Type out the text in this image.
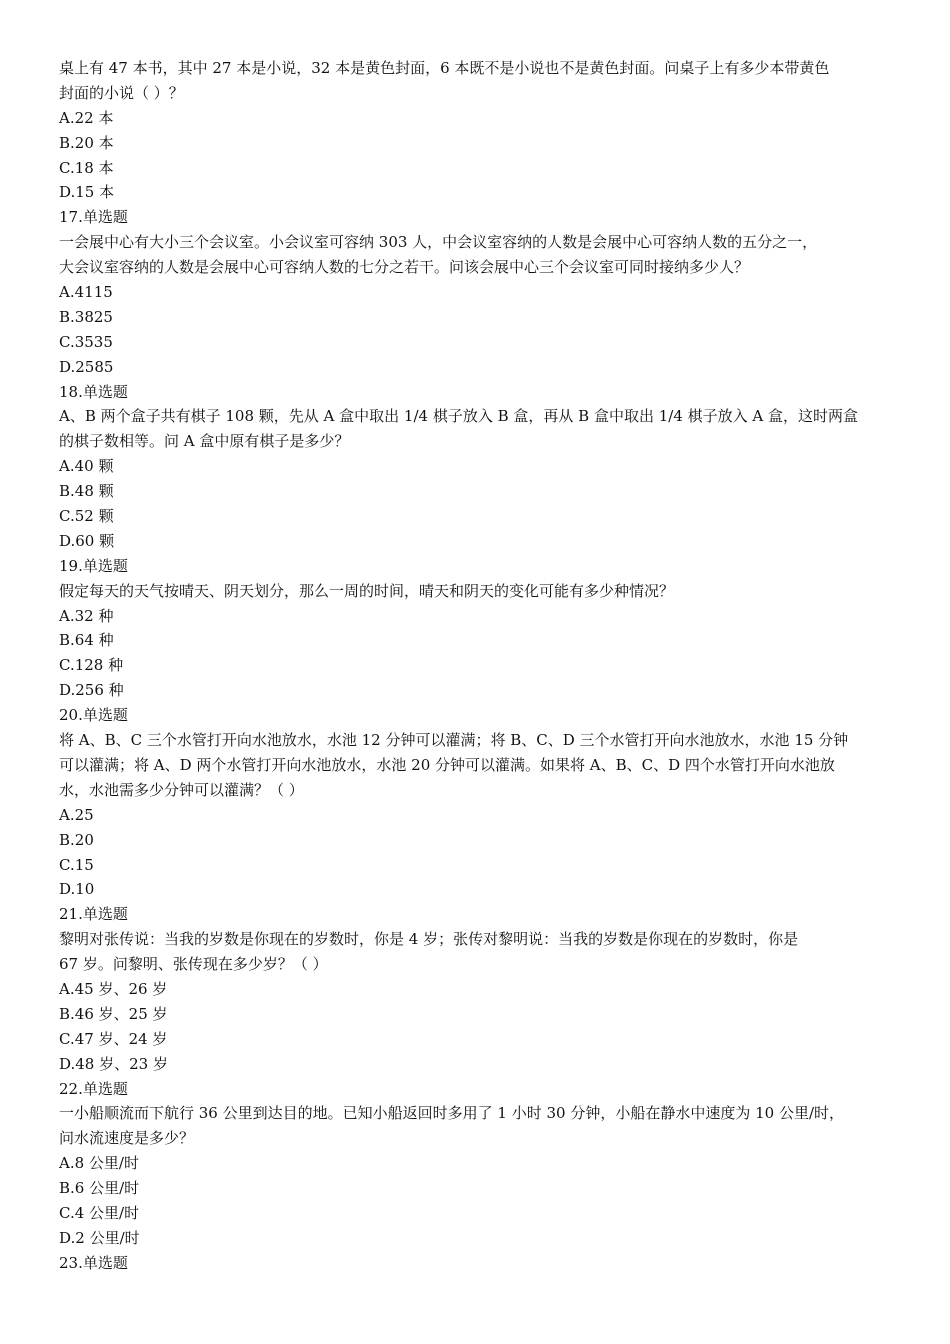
桌上有 47 本书，其中 27 本是小说，32 本是黄色封面，6 本既不是小说也不是黄色封面。问桌子上有多少本带黄色
封面的小说（ ）？
A.22 本
B.20 本
C.18 本
D.15 本
17.单选题
一会展中心有大小三个会议室。小会议室可容纳 303 人，中会议室容纳的人数是会展中心可容纳人数的五分之一，
大会议室容纳的人数是会展中心可容纳人数的七分之若干。问该会展中心三个会议室可同时接纳多少人？
A.4115
B.3825
C.3535
D.2585
18.单选题
A、B 两个盒子共有棋子 108 颗，先从 A 盒中取出 1/4 棋子放入 B 盒，再从 B 盒中取出 1/4 棋子放入 A 盒，这时两盒
的棋子数相等。问 A 盒中原有棋子是多少？
A.40 颗
B.48 颗
C.52 颗
D.60 颗
19.单选题
假定每天的天气按晴天、阴天划分，那么一周的时间，晴天和阴天的变化可能有多少种情况？
A.32 种
B.64 种
C.128 种
D.256 种
20.单选题
将 A、B、C 三个水管打开向水池放水，水池 12 分钟可以灌满；将 B、C、D 三个水管打开向水池放水，水池 15 分钟
可以灌满；将 A、D 两个水管打开向水池放水，水池 20 分钟可以灌满。如果将 A、B、C、D 四个水管打开向水池放
水，水池需多少分钟可以灌满？（ ）
A.25
B.20
C.15
D.10
21.单选题
黎明对张传说：当我的岁数是你现在的岁数时，你是 4 岁；张传对黎明说：当我的岁数是你现在的岁数时，你是
67 岁。问黎明、张传现在多少岁？（ ）
A.45 岁、26 岁
B.46 岁、25 岁
C.47 岁、24 岁
D.48 岁、23 岁
22.单选题
一小船顺流而下航行 36 公里到达目的地。已知小船返回时多用了 1 小时 30 分钟，小船在静水中速度为 10 公里/时，
问水流速度是多少？
A.8 公里/时
B.6 公里/时
C.4 公里/时
D.2 公里/时
23.单选题
